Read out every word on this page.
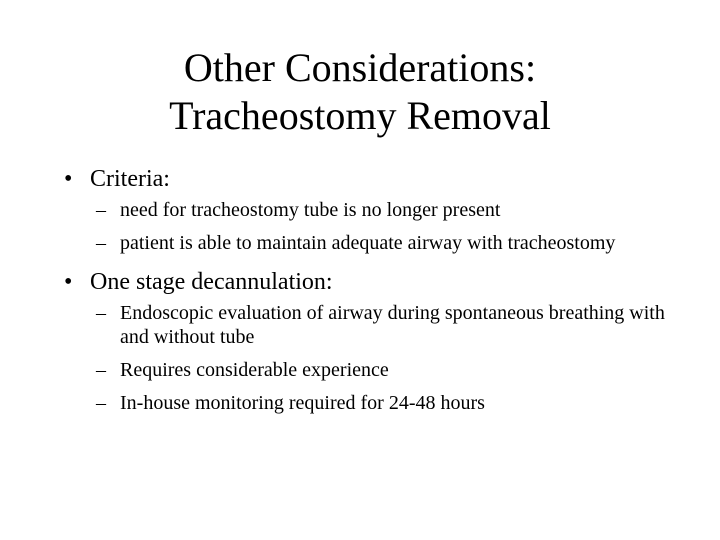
Other Considerations:
Tracheostomy Removal
• Criteria:
– need for tracheostomy tube is no longer present
– patient is able to maintain adequate airway with tracheostomy
• One stage decannulation:
– Endoscopic evaluation of airway during spontaneous breathing with and without tube
– Requires considerable experience
– In-house monitoring required for 24-48 hours
